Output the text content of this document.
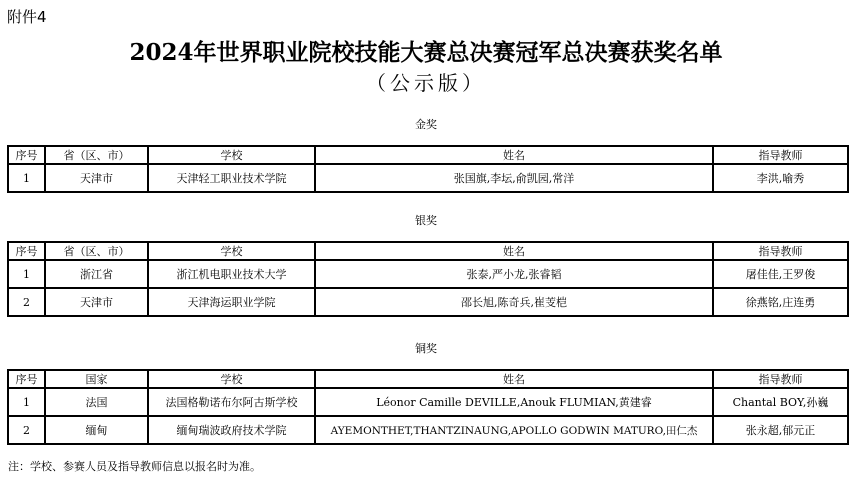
附件4
2024年世界职业院校技能大赛总决赛冠军总决赛获奖名单
（公示版）
金奖
序号	省（区、市）	学校	姓名	指导教师
1	天津市	天津轻工职业技术学院	张国旗,李坛,俞凯园,常洋	李洪,喻秀
银奖
序号	省（区、市）	学校	姓名	指导教师
1	浙江省	浙江机电职业技术大学	张泰,严小龙,张睿韬	屠佳佳,王罗俊
2	天津市	天津海运职业学院	邵长旭,陈奇兵,崔芰桤	徐燕铭,庄连勇
铜奖
序号	国家	学校	姓名	指导教师
1	法国	法国格勒诺布尔阿古斯学校	Léonor Camille DEVILLE,Anouk FLUMIAN,黄建睿	Chantal BOY,孙巍
2	缅甸	缅甸瑞波政府技术学院	AYEMONTHET,THANTZINAUNG,APOLLO GODWIN MATURO,田仁杰	张永超,郁元正
注：学校、参赛人员及指导教师信息以报名时为准。
